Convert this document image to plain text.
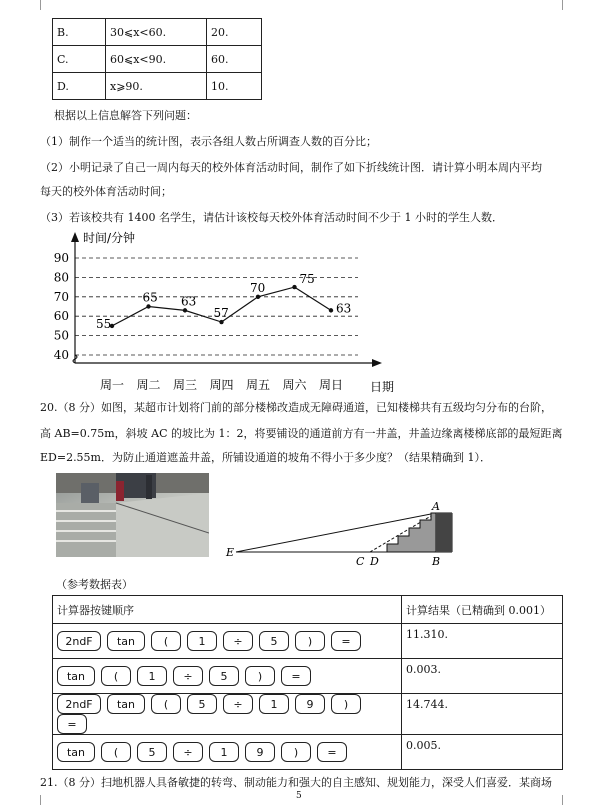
B.	30⩽x<60.	20.
C.	60⩽x<90.	60.
D.	x⩾90.	10.
根据以上信息解答下列问题：
（1）制作一个适当的统计图，表示各组人数占所调查人数的百分比；
（2）小明记录了自己一周内每天的校外体育活动时间，制作了如下折线统计图．请计算小明本周内平均
每天的校外体育活动时间；
（3）若该校共有 1400 名学生，请估计该校每天校外体育活动时间不少于 1 小时的学生人数．
40
50
60
70
80
90
时间/分钟
日期
55
65 63
57
70
75
63
周一 周二 周三 周四 周五 周六 周日
20.（8 分）如图，某超市计划将门前的部分楼梯改造成无障碍通道，已知楼梯共有五级均匀分布的台阶，
高 AB=0.75m，斜坡 AC 的坡比为 1：2，将要铺设的通道前方有一井盖，井盖边缘离楼梯底部的最短距离
ED=2.55m．为防止通道遮盖井盖，所铺设通道的坡角不得小于多少度？（结果精确到 1）．
E
C D	B
A
（参考数据表）
计算器按键顺序	计算结果（已精确到 0.001）
2ndF tan ( 1 ÷ 5 ) =	11.310.
tan ( 1 ÷ 5 ) =	0.003.
2ndF tan ( 5 ÷ 1 9 )=	14.744.
tan ( 5 ÷ 1 9 ) =	0.005.
21.（8 分）扫地机器人具备敏捷的转弯、制动能力和强大的自主感知、规划能力，深受人们喜爱．某商场
5
